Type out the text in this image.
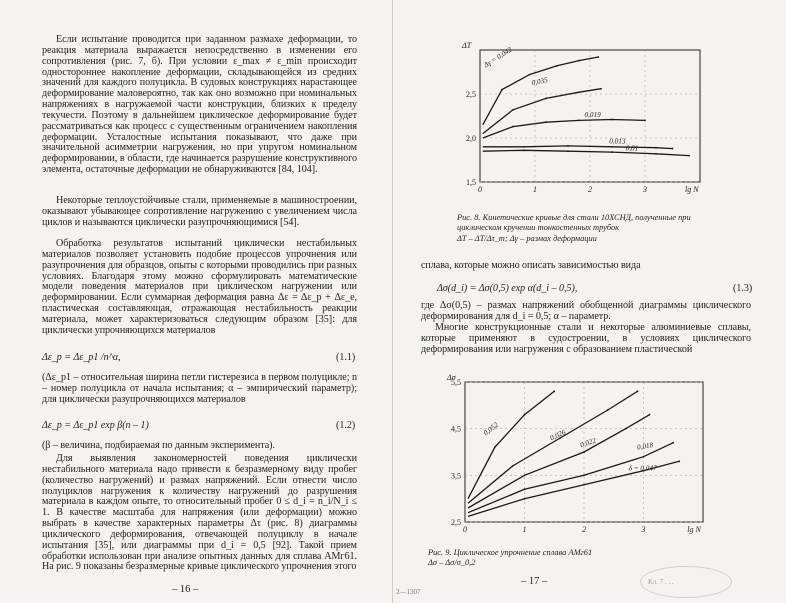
Если испытание проводится при заданном размахе деформации, то реакция материала выражается непосредственно в изменении его сопротивления (рис. 7, б). При условии ε_max ≠ ε_min происходит одностороннее накопление деформации, складывающейся из средних значений для каждого полуцикла. В судовых конструкциях нарастающее деформирование маловероятно, так как оно возможно при номинальных напряжениях в нагружаемой части конструкции, близких к пределу текучести. Поэтому в дальнейшем циклическое деформирование будет рассматриваться как процесс с существенным ограничением накопления деформации. Усталостные испытания показывают, что даже при значительной асимметрии нагружения, но при упругом номинальном деформировании, в области, где начинается разрушение конструктивного элемента, остаточные деформации не обнаруживаются [84, 104].

Некоторые теплоустойчивые стали, применяемые в машиностроении, оказывают убывающее сопротивление нагружению с увеличением числа циклов и называются циклически разупрочняющимися [54].

Обработка результатов испытаний циклически нестабильных материалов позволяет установить подобие процессов упрочнения или разупрочнения для образцов, опыты с которыми проводились при разных условиях. Благодаря этому можно сформулировать математические модели поведения материалов при циклическом нагружении или деформировании. Если суммарная деформация равна Δε = Δε_p + Δε_e, пластическая составляющая, отражающая нестабильность реакции материала, может характеризоваться следующим образом [35]: для циклически упрочняющихся материалов

Δε_p = Δε_p1 /n^α,	(1.1)

(Δε_p1 – относительная ширина петли гистерезиса в первом полуцикле; n – номер полуцикла от начала испытания; α – эмпирический параметр); для циклически разупрочняющихся материалов

Δε_p = Δε_p1 exp β(n – 1)	(1.2)

(β – величина, подбираемая по данным эксперимента).

Для выявления закономерностей поведения циклически нестабильного материала надо привести к безразмерному виду пробег (количество нагружений) и размах напряжений. Если отнести число полуциклов нагружения к количеству нагружений до разрушения материала в каждом опыте, то относительный пробег 0 ≤ d_i = n_i/N_i ≤ 1. В качестве масштаба для напряжения (или деформации) можно выбрать в качестве характерных параметры Δτ (рис. 8) диаграммы циклического деформирования, отвечающей полуциклу в начале испытания [35], или диаграммы при d_i = 0,5 [92]. Такой прием обработки использован при анализе опытных данных для сплава АМг61. На рис. 9 показаны безразмерные кривые циклического упрочнения этого

– 16 –
0	1	2	3	lg N
1,5
2,0
2,5
ΔT
Δγ = 0,042
0,035
0,019
0,013
0,01

Рис. 8. Кинетические кривые для стали 10ХСНД, полученные при циклическом кручении тонкостенных трубок

ΔT – ΔT/Δτ_т; Δγ – размах деформации

сплава, которые можно описать зависимостью вида

Δσ(d_i) = Δσ(0,5) exp α(d_i – 0,5),	(1.3)

где Δσ(0,5) – размах напряжений обобщенной диаграммы циклического деформирования для d_i = 0,5; α – параметр.

Многие конструкционные стали и некоторые алюминиевые сплавы, которые применяют в судостроении, в условиях циклического деформирования или нагружения с образованием пластической

0	1	2	3	lg N
2,5
3,5
4,5
5,5
Δσ
0,052	0,026
0,022	0,018
δ = 0,047

Рис. 9. Циклическое упрочнение сплава АМг61

Δσ – Δσ/σ_0,2

– 17 –	Кл. 7 . . .
2—1307
